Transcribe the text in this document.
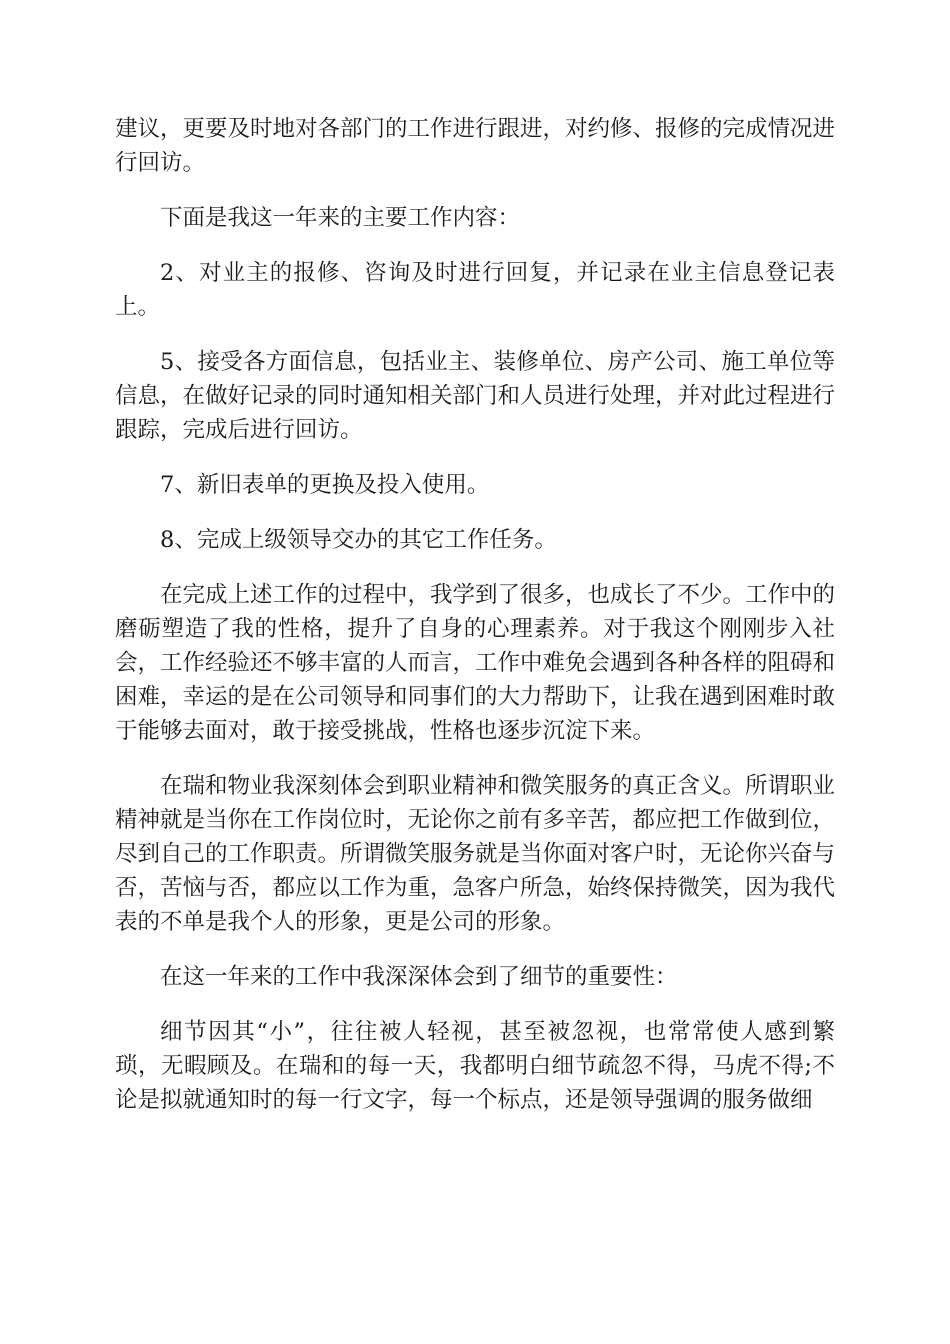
建议，更要及时地对各部门的工作进行跟进，对约修、报修的完成情况进行回访。

下面是我这一年来的主要工作内容：

2、对业主的报修、咨询及时进行回复，并记录在业主信息登记表上。

5、接受各方面信息，包括业主、装修单位、房产公司、施工单位等信息，在做好记录的同时通知相关部门和人员进行处理，并对此过程进行跟踪，完成后进行回访。

7、新旧表单的更换及投入使用。

8、完成上级领导交办的其它工作任务。

在完成上述工作的过程中，我学到了很多，也成长了不少。工作中的磨砺塑造了我的性格，提升了自身的心理素养。对于我这个刚刚步入社会，工作经验还不够丰富的人而言，工作中难免会遇到各种各样的阻碍和困难，幸运的是在公司领导和同事们的大力帮助下，让我在遇到困难时敢于能够去面对，敢于接受挑战，性格也逐步沉淀下来。

在瑞和物业我深刻体会到职业精神和微笑服务的真正含义。所谓职业精神就是当你在工作岗位时，无论你之前有多辛苦，都应把工作做到位，尽到自己的工作职责。所谓微笑服务就是当你面对客户时，无论你兴奋与否，苦恼与否，都应以工作为重，急客户所急，始终保持微笑，因为我代表的不单是我个人的形象，更是公司的形象。

在这一年来的工作中我深深体会到了细节的重要性：

细节因其“小”，往往被人轻视，甚至被忽视，也常常使人感到繁琐，无暇顾及。在瑞和的每一天，我都明白细节疏忽不得，马虎不得;不论是拟就通知时的每一行文字，每一个标点，还是领导强调的服务做细
